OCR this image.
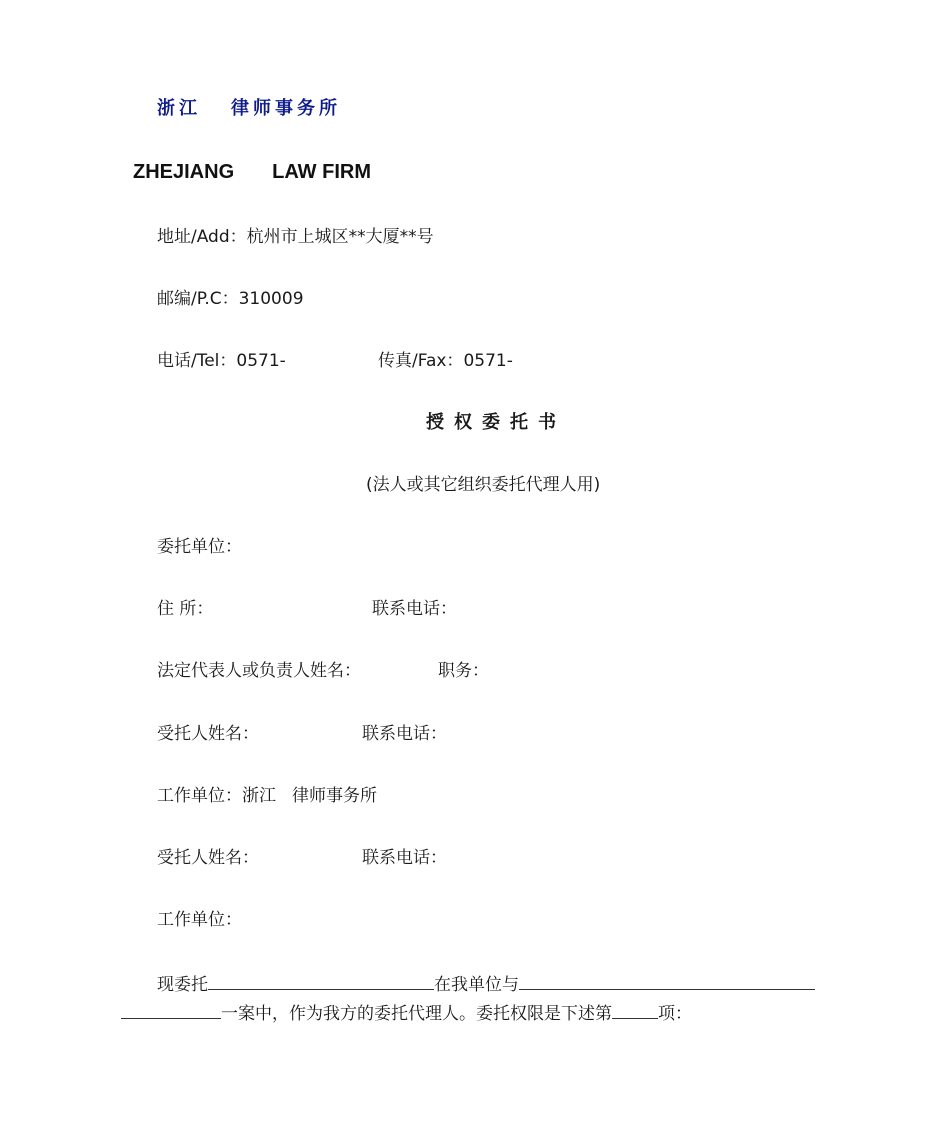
浙江 律师事务所
ZHEJIANG LAW FIRM
地址/Add：杭州市上城区**大厦**号
邮编/P.C：310009
电话/Tel：0571-	传真/Fax：0571-
授权委托书
(法人或其它组织委托代理人用)
委托单位：
住 所：	联系电话：
法定代表人或负责人姓名：	职务：
受托人姓名：	联系电话：
工作单位：浙江 律师事务所
受托人姓名：	联系电话：
工作单位：
现委托	在我单位与
一案中，作为我方的委托代理人。委托权限是下述第	项：
